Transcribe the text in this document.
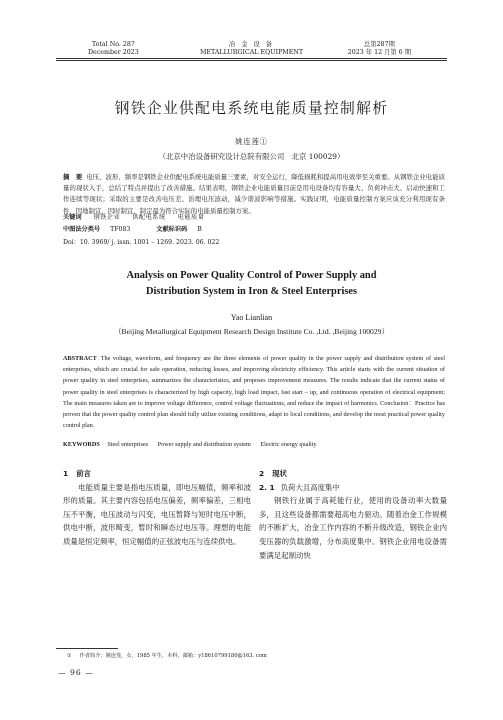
Total No. 287
December 2023
冶 金 设 备
METALLURGICAL EQUIPMENT
总第287期
2023 年 12 月第 6 期
钢铁企业供配电系统电能质量控制解析
姚连莲①
（北京中冶设备研究设计总院有限公司　北京 100029）
摘　要 电压、波形、频率是钢铁企业供配电系统电能质量三要素，对安全运行，降低损耗和提高用电效率至关重要。从钢铁企业电能质量的现状入手，总结了特点并提出了改善措施。结果表明，钢铁企业电能质量目前是用电设备均有容量大、负荷冲击大、启动快速和工作连续等现状；采取的主要是改善电压差、治理电压波动，减少谐波影响等措施。实践证明，电能质量控制方案应该充分利用现有条件，因地制宜，因时制宜，制定最为符合实际的电能质量控制方案。
关键词 钢铁企业 供配电系统 电能质量
中图法分类号 TF083	文献标识码 B
Doi：10. 3969/ j. issn. 1001 – 1269. 2023. 06. 022
Analysis on Power Quality Control of Power Supply and
Distribution System in Iron & Steel Enterprises
Yao Lianlian
（Beijing Metallurgical Equipment Research Design Institute Co. ,Ltd. ,Beijing 100029）
ABSTRACT The voltage, waveform, and frequency are the three elements of power quality in the power supply and distribution system of steel enterprises, which are crucial for safe operation, reducing losses, and improving electricity efficiency. This article starts with the current situation of power quality in steel enterprises, summarizes the characteristics, and proposes improvement measures. The results indicate that the current status of power quality in steel enterprises is characterized by high capacity, high load impact, fast start – up, and continuous operation of electrical equipment; The main measures taken are to improve voltage difference, control voltage fluctuations, and reduce the impact of harmonics. Conclusion：Practice has proven that the power quality control plan should fully utilize existing conditions, adapt to local conditions, and develop the most practical power quality control plan.
KEYWORDS Steel enterprises Power supply and distribution system Electric energy quality
1 前言
电能质量主要是指电压质量，即电压幅值，频率和波形的质量。其主要内容包括电压偏差，频率偏差，三相电压不平衡，电压波动与闪变，电压暂降与短时电压中断，供电中断，波形畸变，暂时和瞬态过电压等。理想的电能质量是恒定频率，恒定幅值的正弦波电压与连续供电。
2 现状
2. 1 负荷大且高度集中
钢铁行业属于高耗能行业，使用的设备动率大数量多，且这些设备都需要超高电力驱动。随着冶金工作规模的不断扩大，冶金工作内容的不断升级改造，钢铁企业内变压器的负载激增，分布高度集中。钢铁企业用电设备需要满足起制动快
① 作者简介：姚连莲，女，1985 年生，本科，邮箱：y18610799180@163. com
— 96 —
